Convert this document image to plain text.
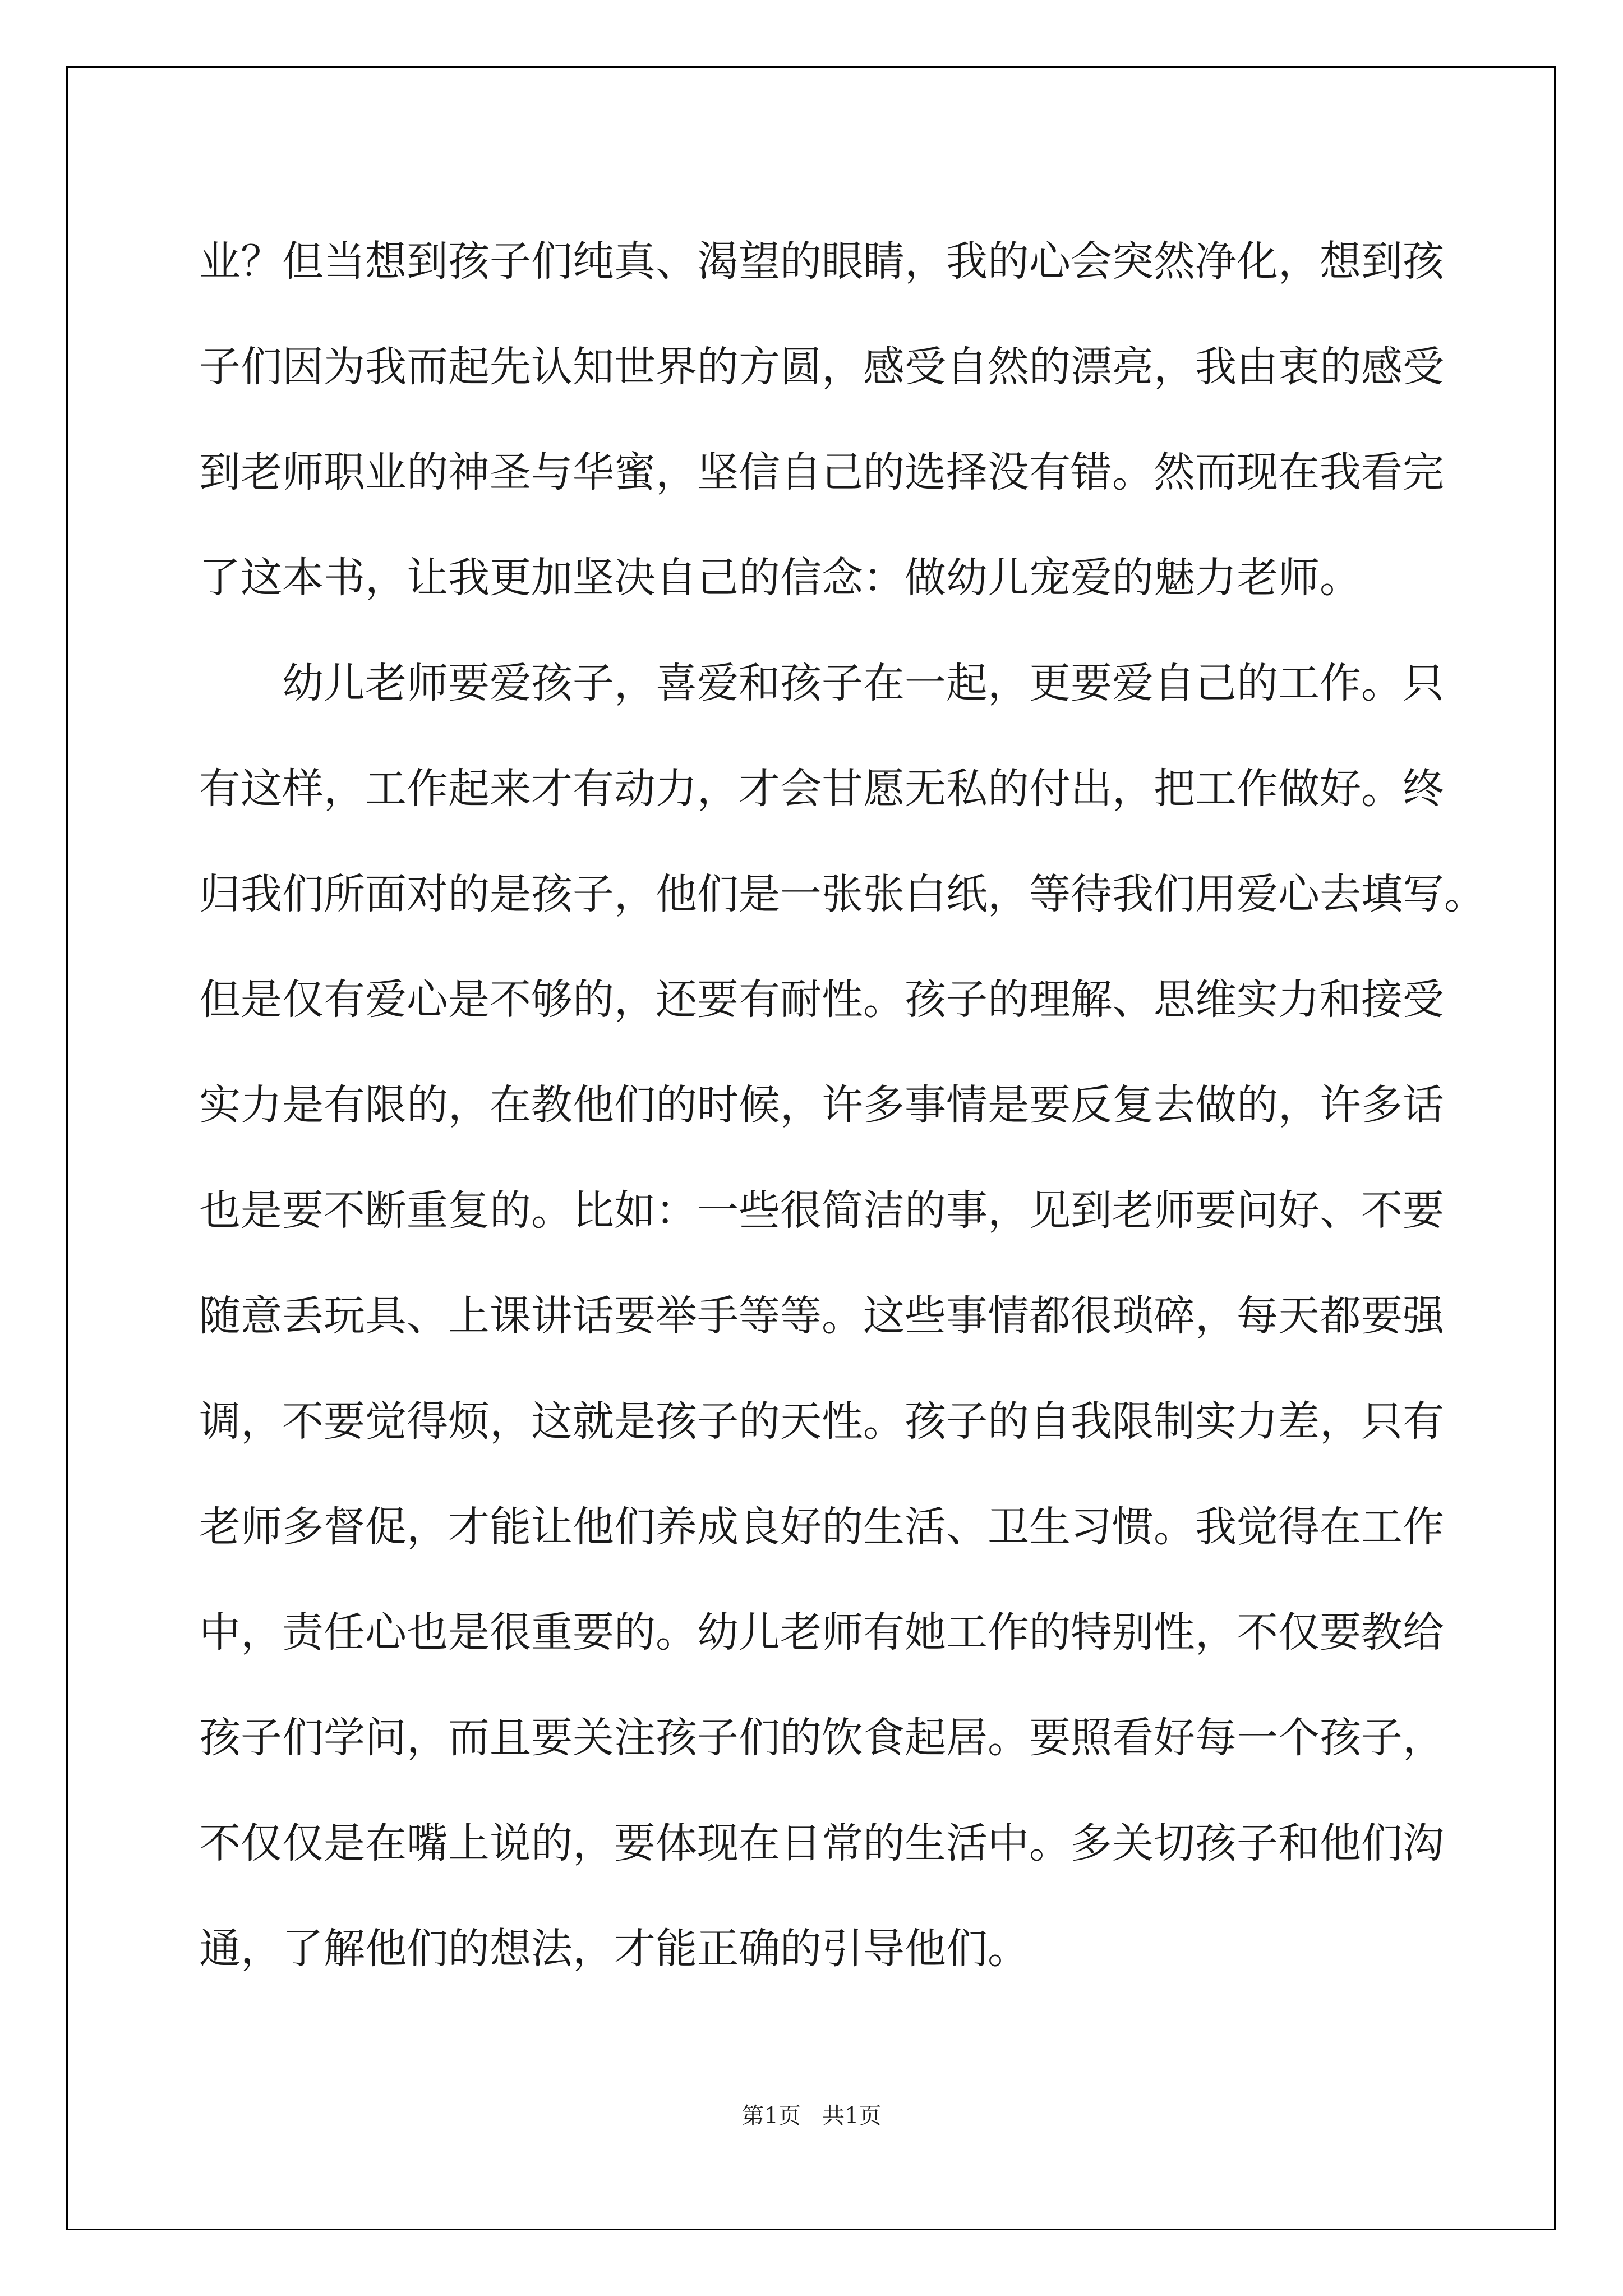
业？但当想到孩子们纯真、渴望的眼睛，我的心会突然净化，想到孩
子们因为我而起先认知世界的方圆，感受自然的漂亮，我由衷的感受
到老师职业的神圣与华蜜，坚信自己的选择没有错。然而现在我看完
了这本书，让我更加坚决自己的信念：做幼儿宠爱的魅力老师。
幼儿老师要爱孩子，喜爱和孩子在一起，更要爱自己的工作。只
有这样，工作起来才有动力，才会甘愿无私的付出，把工作做好。终
归我们所面对的是孩子，他们是一张张白纸，等待我们用爱心去填写。
但是仅有爱心是不够的，还要有耐性。孩子的理解、思维实力和接受
实力是有限的，在教他们的时候，许多事情是要反复去做的，许多话
也是要不断重复的。比如：一些很简洁的事，见到老师要问好、不要
随意丢玩具、上课讲话要举手等等。这些事情都很琐碎，每天都要强
调，不要觉得烦，这就是孩子的天性。孩子的自我限制实力差，只有
老师多督促，才能让他们养成良好的生活、卫生习惯。我觉得在工作
中，责任心也是很重要的。幼儿老师有她工作的特别性，不仅要教给
孩子们学问，而且要关注孩子们的饮食起居。要照看好每一个孩子，
不仅仅是在嘴上说的，要体现在日常的生活中。多关切孩子和他们沟
通，了解他们的想法，才能正确的引导他们。
第1页   共1页
